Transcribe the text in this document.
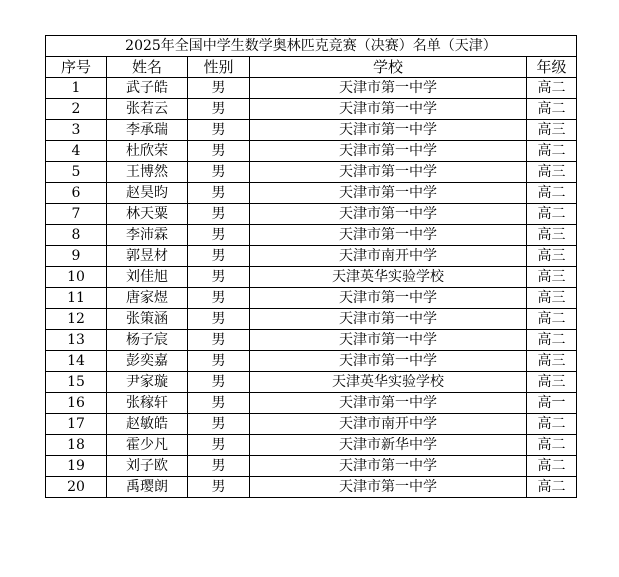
2025年全国中学生数学奥林匹克竞赛（决赛）名单（天津）				
序号	姓名	性别	学校	年级
1	武子皓	男	天津市第一中学	高二
2	张若云	男	天津市第一中学	高二
3	李承瑞	男	天津市第一中学	高三
4	杜欣荣	男	天津市第一中学	高二
5	王博然	男	天津市第一中学	高三
6	赵昊昀	男	天津市第一中学	高二
7	林天粟	男	天津市第一中学	高二
8	李沛霖	男	天津市第一中学	高三
9	郭昱材	男	天津市南开中学	高三
10	刘佳旭	男	天津英华实验学校	高三
11	唐家煜	男	天津市第一中学	高三
12	张策涵	男	天津市第一中学	高二
13	杨子宸	男	天津市第一中学	高二
14	彭奕嘉	男	天津市第一中学	高三
15	尹家璇	男	天津英华实验学校	高三
16	张稼轩	男	天津市第一中学	高一
17	赵敏皓	男	天津市南开中学	高二
18	霍少凡	男	天津市新华中学	高二
19	刘子欧	男	天津市第一中学	高二
20	禹璎朗	男	天津市第一中学	高二
